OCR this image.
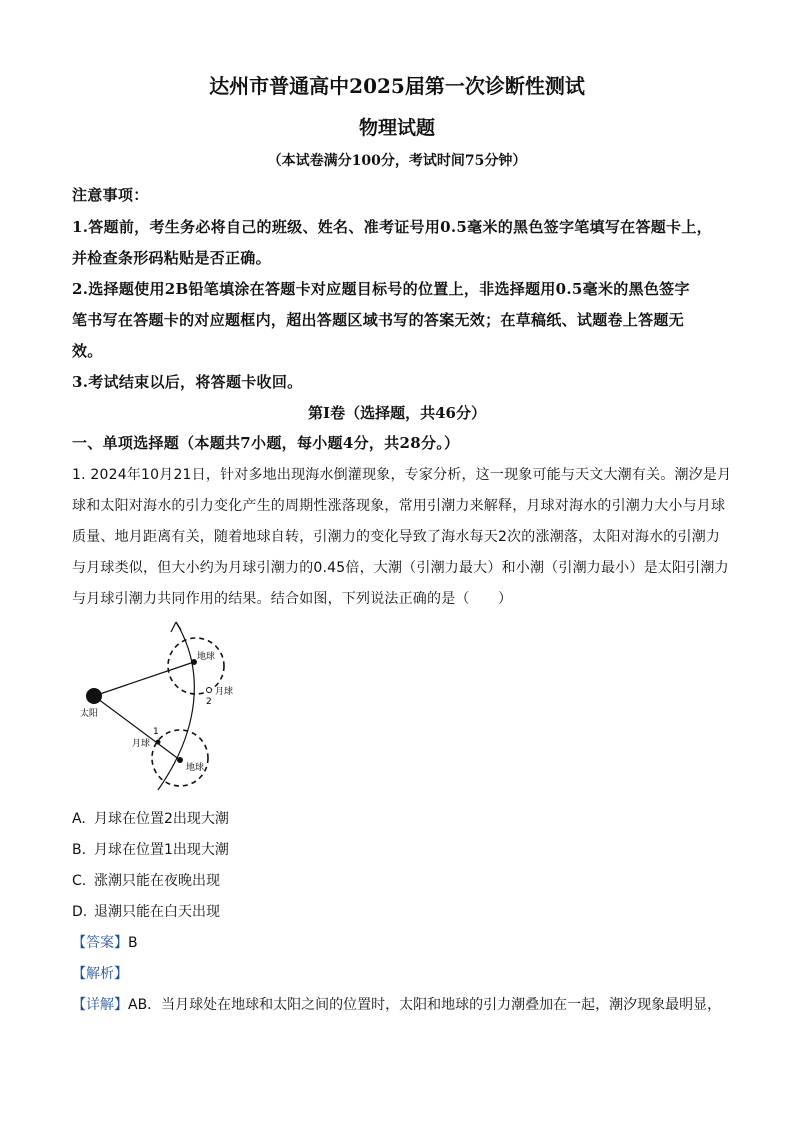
达州市普通高中2025届第一次诊断性测试
物理试题
（本试卷满分100分，考试时间75分钟）
注意事项：
1.答题前，考生务必将自己的班级、姓名、准考证号用0.5毫米的黑色签字笔填写在答题卡上，
并检查条形码粘贴是否正确。
2.选择题使用2B铅笔填涂在答题卡对应题目标号的位置上，非选择题用0.5毫米的黑色签字
笔书写在答题卡的对应题框内，超出答题区域书写的答案无效；在草稿纸、试题卷上答题无
效。
3.考试结束以后，将答题卡收回。
第Ⅰ卷（选择题，共46分）
一、单项选择题（本题共7小题，每小题4分，共28分。）
1. 2024年10月21日，针对多地出现海水倒灌现象，专家分析，这一现象可能与天文大潮有关。潮汐是月
球和太阳对海水的引力变化产生的周期性涨落现象，常用引潮力来解释，月球对海水的引潮力大小与月球
质量、地月距离有关，随着地球自转，引潮力的变化导致了海水每天2次的涨潮落，太阳对海水的引潮力
与月球类似，但大小约为月球引潮力的0.45倍，大潮（引潮力最大）和小潮（引潮力最小）是太阳引潮力
与月球引潮力共同作用的结果。结合如图，下列说法正确的是（　　）
太阳
地球
月球
2
1
月球
地球
A. 月球在位置2出现大潮
B. 月球在位置1出现大潮
C. 涨潮只能在夜晚出现
D. 退潮只能在白天出现
【答案】B
【解析】
【详解】AB．当月球处在地球和太阳之间的位置时，太阳和地球的引力潮叠加在一起，潮汐现象最明显，
